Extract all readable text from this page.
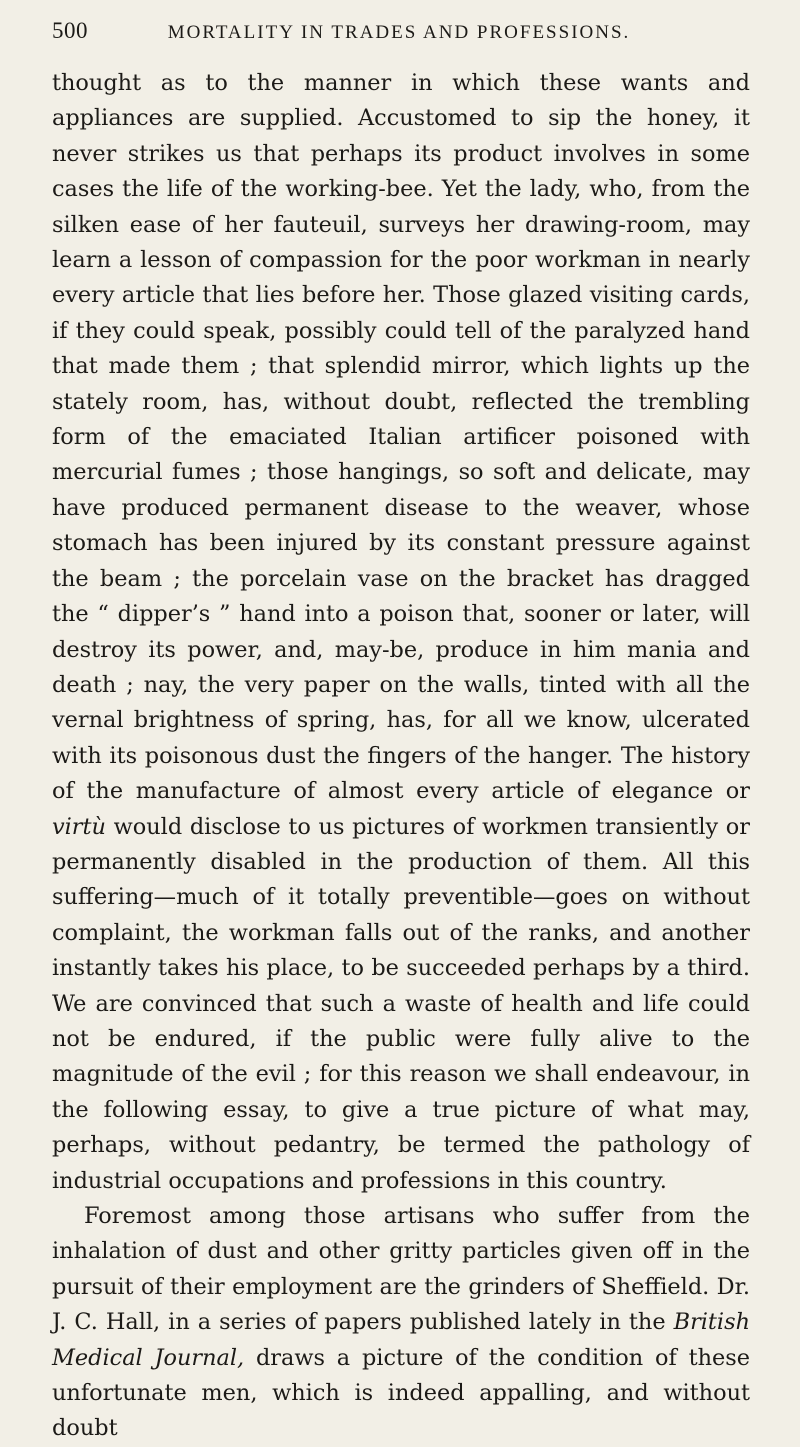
500	MORTALITY IN TRADES AND PROFESSIONS.

thought as to the manner in which these wants and appliances are supplied. Accustomed to sip the honey, it never strikes us that perhaps its product involves in some cases the life of the working-bee. Yet the lady, who, from the silken ease of her fauteuil, surveys her drawing-room, may learn a lesson of compassion for the poor workman in nearly every article that lies before her. Those glazed visiting cards, if they could speak, possibly could tell of the paralyzed hand that made them ; that splendid mirror, which lights up the stately room, has, without doubt, reflected the trembling form of the emaciated Italian artificer poisoned with mercurial fumes ; those hangings, so soft and delicate, may have produced permanent disease to the weaver, whose stomach has been injured by its constant pressure against the beam ; the porcelain vase on the bracket has dragged the “ dipper’s ” hand into a poison that, sooner or later, will destroy its power, and, may-be, produce in him mania and death ; nay, the very paper on the walls, tinted with all the vernal brightness of spring, has, for all we know, ulcerated with its poisonous dust the fingers of the hanger. The history of the manufacture of almost every article of elegance or virtù would disclose to us pictures of workmen transiently or permanently disabled in the production of them. All this suffering—much of it totally preventible—goes on without complaint, the workman falls out of the ranks, and another instantly takes his place, to be succeeded perhaps by a third. We are convinced that such a waste of health and life could not be endured, if the public were fully alive to the magnitude of the evil ; for this reason we shall endeavour, in the following essay, to give a true picture of what may, perhaps, without pedantry, be termed the pathology of industrial occupations and professions in this country.

Foremost among those artisans who suffer from the inhalation of dust and other gritty particles given off in the pursuit of their employment are the grinders of Sheffield. Dr. J. C. Hall, in a series of papers published lately in the British Medical Journal, draws a picture of the condition of these unfortunate men, which is indeed appalling, and without doubt
